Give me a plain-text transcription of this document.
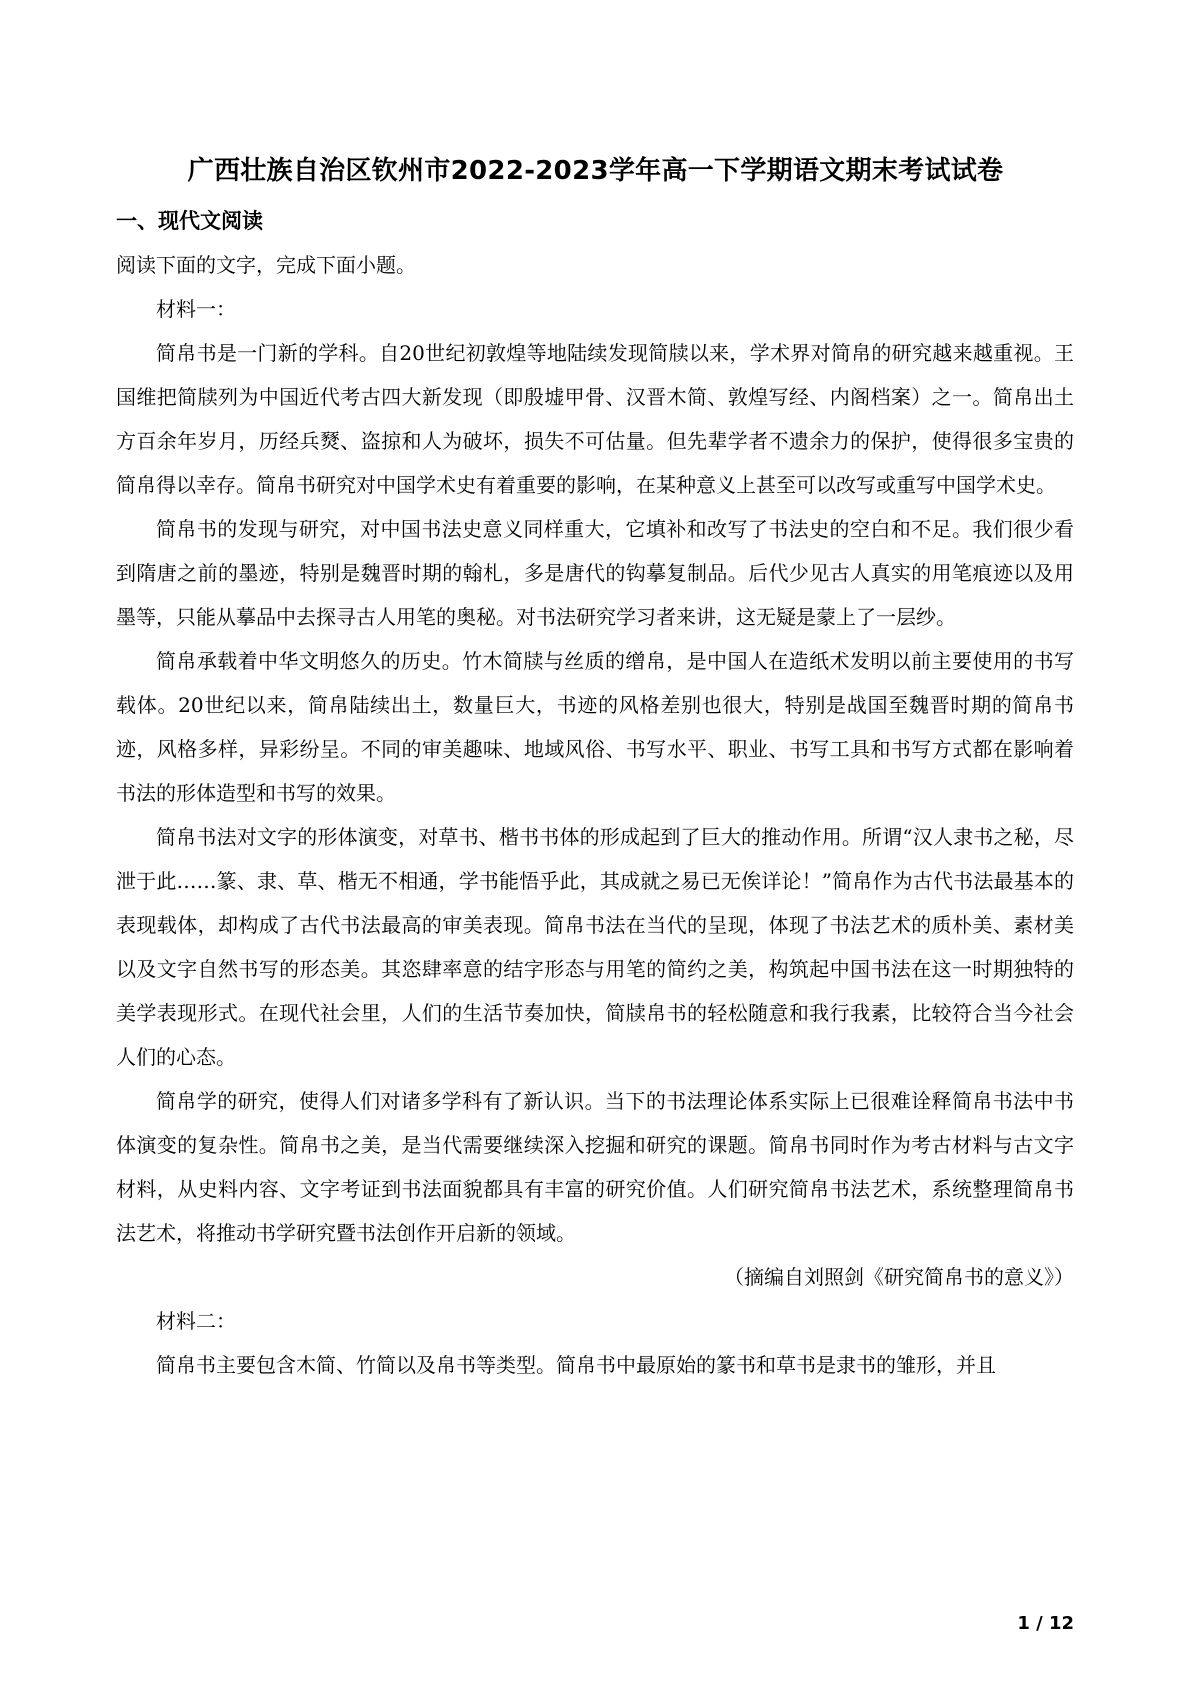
广西壮族自治区钦州市2022-2023学年高一下学期语文期末考试试卷
一、现代文阅读

阅读下面的文字，完成下面小题。

材料一：

简帛书是一门新的学科。自20世纪初敦煌等地陆续发现简牍以来，学术界对简帛的研究越来越重视。王国维把简牍列为中国近代考古四大新发现（即殷墟甲骨、汉晋木简、敦煌写经、内阁档案）之一。简帛出土方百余年岁月，历经兵燹、盗掠和人为破坏，损失不可估量。但先辈学者不遗余力的保护，使得很多宝贵的简帛得以幸存。简帛书研究对中国学术史有着重要的影响，在某种意义上甚至可以改写或重写中国学术史。

简帛书的发现与研究，对中国书法史意义同样重大，它填补和改写了书法史的空白和不足。我们很少看到隋唐之前的墨迹，特别是魏晋时期的翰札，多是唐代的钩摹复制品。后代少见古人真实的用笔痕迹以及用墨等，只能从摹品中去探寻古人用笔的奥秘。对书法研究学习者来讲，这无疑是蒙上了一层纱。

简帛承载着中华文明悠久的历史。竹木简牍与丝质的缯帛，是中国人在造纸术发明以前主要使用的书写载体。20世纪以来，简帛陆续出土，数量巨大，书迹的风格差别也很大，特别是战国至魏晋时期的简帛书迹，风格多样，异彩纷呈。不同的审美趣味、地域风俗、书写水平、职业、书写工具和书写方式都在影响着书法的形体造型和书写的效果。

简帛书法对文字的形体演变，对草书、楷书书体的形成起到了巨大的推动作用。所谓“汉人隶书之秘，尽泄于此……篆、隶、草、楷无不相通，学书能悟乎此，其成就之易已无俟详论！”简帛作为古代书法最基本的表现载体，却构成了古代书法最高的审美表现。简帛书法在当代的呈现，体现了书法艺术的质朴美、素材美以及文字自然书写的形态美。其恣肆率意的结字形态与用笔的简约之美，构筑起中国书法在这一时期独特的美学表现形式。在现代社会里，人们的生活节奏加快，简牍帛书的轻松随意和我行我素，比较符合当今社会人们的心态。

简帛学的研究，使得人们对诸多学科有了新认识。当下的书法理论体系实际上已很难诠释简帛书法中书体演变的复杂性。简帛书之美，是当代需要继续深入挖掘和研究的课题。简帛书同时作为考古材料与古文字材料，从史料内容、文字考证到书法面貌都具有丰富的研究价值。人们研究简帛书法艺术，系统整理简帛书法艺术，将推动书学研究暨书法创作开启新的领域。

（摘编自刘照剑《研究简帛书的意义》）

材料二：

简帛书主要包含木简、竹简以及帛书等类型。简帛书中最原始的篆书和草书是隶书的雏形，并且

1 / 12
